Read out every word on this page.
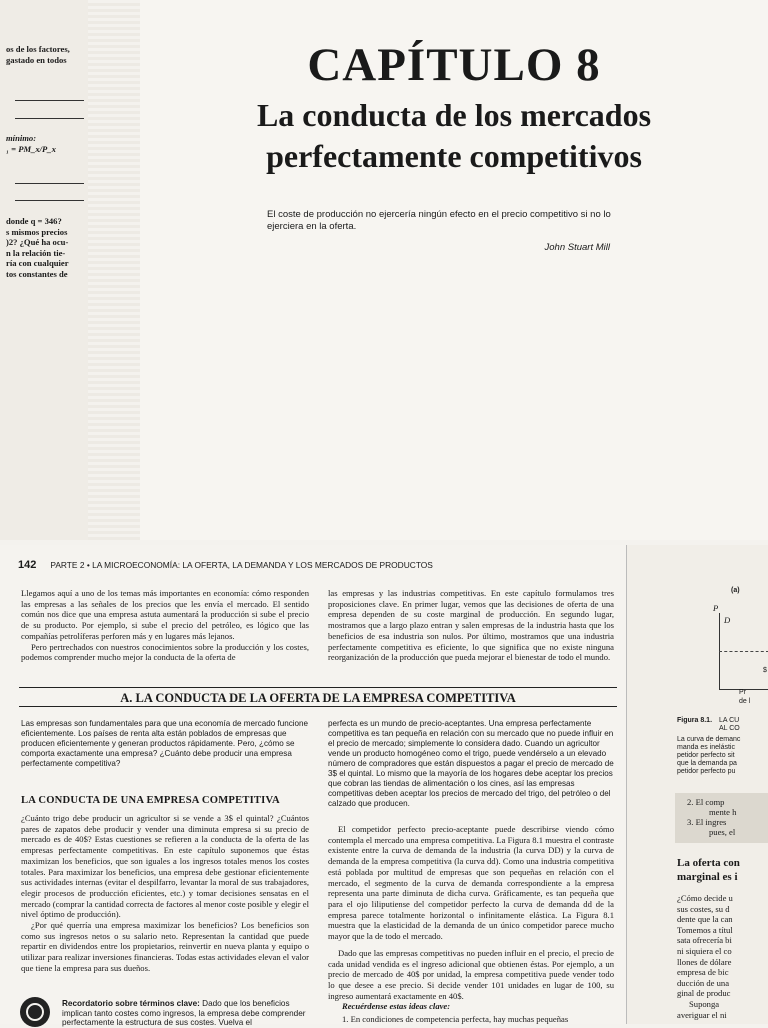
os de los factores,
gastado en todos
mínimo:
₁ = PM_x/P_x
donde q = 346?
s mismos precios
)2? ¿Qué ha ocu-
n la relación tie-
ría con cualquier
tos constantes de
CAPÍTULO 8
La conducta de los mercados
perfectamente competitivos
El coste de producción no ejercería ningún efecto en el precio competitivo si no lo ejerciera en la oferta.
John Stuart Mill
142 PARTE 2 • LA MICROECONOMÍA: LA OFERTA, LA DEMANDA Y LOS MERCADOS DE PRODUCTOS

Llegamos aquí a uno de los temas más importantes en economía: cómo responden las empresas a las señales de los precios que les envía el mercado. El sentido común nos dice que una empresa astuta aumentará la producción si sube el precio de su producto. Por ejemplo, si sube el precio del petróleo, es lógico que las compañías petrolíferas perforen más y en lugares más lejanos.

Pero pertrechados con nuestros conocimientos sobre la producción y los costes, podemos comprender mucho mejor la conducta de la oferta de

las empresas y las industrias competitivas. En este capítulo formulamos tres proposiciones clave. En primer lugar, vemos que las decisiones de oferta de una empresa dependen de su coste marginal de producción. En segundo lugar, mostramos que a largo plazo entran y salen empresas de la industria hasta que los beneficios de esa industria son nulos. Por último, mostramos que una industria perfectamente competitiva es eficiente, lo que significa que no existe ninguna reorganización de la producción que pueda mejorar el bienestar de todo el mundo.

A. LA CONDUCTA DE LA OFERTA DE LA EMPRESA COMPETITIVA

Las empresas son fundamentales para que una economía de mercado funcione eficientemente. Los países de renta alta están poblados de empresas que producen eficientemente y generan productos rápidamente. Pero, ¿cómo se comporta exactamente una empresa? ¿Cuánto debe producir una empresa perfectamente competitiva?

perfecta es un mundo de precio-aceptantes. Una empresa perfectamente competitiva es tan pequeña en relación con su mercado que no puede influir en el precio de mercado; simplemente lo considera dado. Cuando un agricultor vende un producto homogéneo como el trigo, puede vendérselo a un elevado número de compradores que están dispuestos a pagar el precio de mercado de 3$ el quintal. Lo mismo que la mayoría de los hogares debe aceptar los precios que cobran las tiendas de alimentación o los cines, así las empresas competitivas deben aceptar los precios de mercado del trigo, del petróleo o del calzado que producen.

LA CONDUCTA DE UNA EMPRESA COMPETITIVA

¿Cuánto trigo debe producir un agricultor si se vende a 3$ el quintal? ¿Cuántos pares de zapatos debe producir y vender una diminuta empresa si su precio de mercado es de 40$? Estas cuestiones se refieren a la conducta de la oferta de las empresas perfectamente competitivas. En este capítulo suponemos que éstas maximizan los beneficios, que son iguales a los ingresos totales menos los costes totales. Para maximizar los beneficios, una empresa debe gestionar eficientemente sus actividades internas (evitar el despilfarro, levantar la moral de sus trabajadores, elegir procesos de producción eficientes, etc.) y tomar decisiones sensatas en el mercado (comprar la cantidad correcta de factores al menor coste posible y elegir el nivel óptimo de producción).

¿Por qué querría una empresa maximizar los beneficios? Los beneficios son como sus ingresos netos o su salario neto. Representan la cantidad que puede repartir en dividendos entre los propietarios, reinvertir en nueva planta y equipo o utilizar para realizar inversiones financieras. Todas estas actividades elevan el valor que tiene la empresa para sus dueños.

El competidor perfecto precio-aceptante puede describirse viendo cómo contempla el mercado una empresa competitiva. La Figura 8.1 muestra el contraste existente entre la curva de demanda de la industria (la curva DD) y la curva de demanda de la empresa competitiva (la curva dd). Como una industria competitiva está poblada por multitud de empresas que son pequeñas en relación con el mercado, el segmento de la curva de demanda correspondiente a la empresa representa una parte diminuta de dicha curva. Gráficamente, es tan pequeña que para el ojo liliputiense del competidor perfecto la curva de demanda dd de la empresa parece totalmente horizontal o infinitamente elástica. La Figura 8.1 muestra que la elasticidad de la demanda de un único competidor parece mucho mayor que la de todo el mercado.

Dado que las empresas competitivas no pueden influir en el precio, el precio de cada unidad vendida es el ingreso adicional que obtienen éstas. Por ejemplo, a un precio de mercado de 40$ por unidad, la empresa competitiva puede vender todo lo que desee a ese precio. Si decide vender 101 unidades en lugar de 100, su ingreso aumentará exactamente en 40$.

Recuérdense estas ideas clave:
1. En condiciones de competencia perfecta, hay muchas pequeñas
Recordatorio sobre términos clave: Dado que los beneficios implican tanto costes como ingresos, la empresa debe comprender perfectamente la estructura de sus costes. Vuelva el
(a)
P
D
$
Pr
de l
Figura 8.1. LA CU
AL CO
La curva de demanc
manda es inelástic
petidor perfecto sit
que la demanda pa
petidor perfecto pu
2. El comp
mente h
3. El ingres
pues, el
La oferta con
marginal es i
¿Cómo decide u
sus costes, su d
dente que la can
Tomemos a títul
sata ofrecería bi
ni siquiera el co
llones de dólare
empresa de bic
ducción de una
ginal de produc
Suponga
averiguar el ni
